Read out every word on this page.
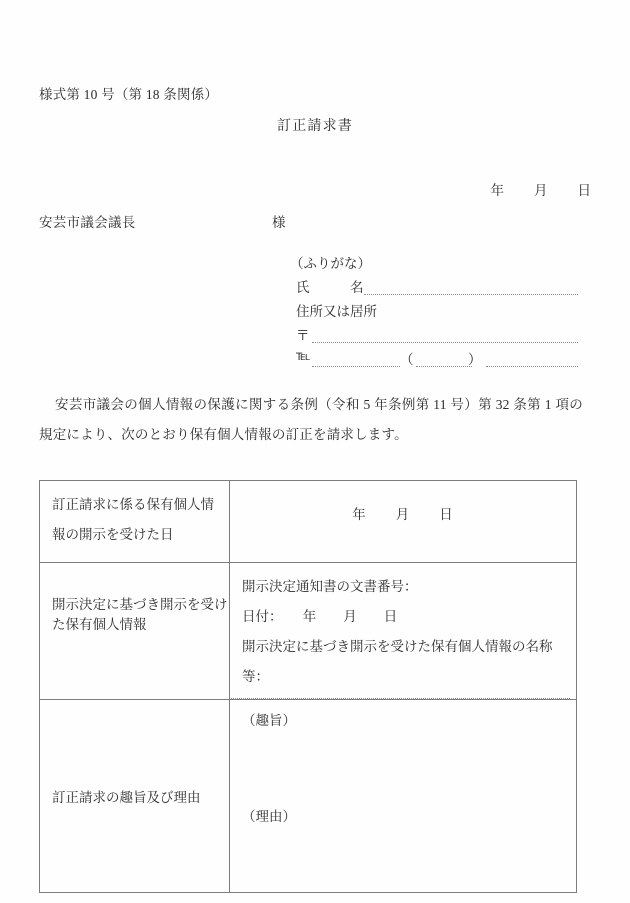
様式第 10 号（第 18 条関係）
訂正請求書
年　　月　　日
安芸市議会議長	様

（ふりがな）

氏　　　名

住所又は居所

〒

℡

	（

	）

安芸市議会の個人情報の保護に関する条例（令和 5 年条例第 11 号）第 32 条第 1 項の規定により、次のとおり保有個人情報の訂正を請求します。
訂正請求に係る保有個人情報の開示を受けた日	年　　月　　日

開示決定に基づき開示を受けた保有個人情報	開示決定通知書の文書番号：
日付：　　年　　月　　日
開示決定に基づき開示を受けた保有個人情報の名称等：

訂正請求の趣旨及び理由	（趣旨）
（理由）
